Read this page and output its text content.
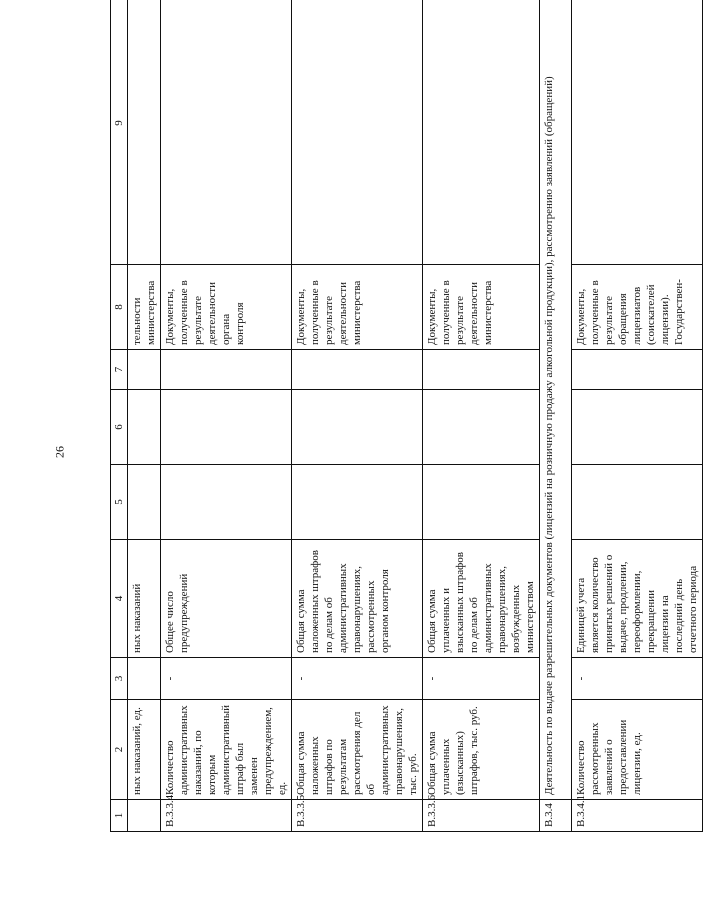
26
1	2	3	4	5	6	7	8	9
	ных наказаний, ед.		ных наказаний				тельности министерства	
В.3.3.4	Количество административных наказаний, по которым административный штраф был заменен предупреждением, ед.	-	Общее число предупреждений				Документы, полученные в результате деятельности органа контроля	
В.3.3.5	Общая сумма наложенных штрафов по результатам рассмотрения дел об административных правонарушениях, тыс. руб.	-	Общая сумма наложенных штрафов по делам об административных правонарушениях, рассмотренных органом контроля				Документы, полученные в результате деятельности министерства	
В.3.3.6	Общая сумма уплаченных (взысканных) штрафов, тыс. руб.	-	Общая сумма уплаченных и взысканных штрафов по делам об административных правонарушениях, возбужденных министерством				Документы, полученные в результате деятельности министерства	
В.3.4	Деятельность по выдаче разрешительных документов (лицензий на розничную продажу алкогольной продукции), рассмотрению заявлений (обращений)							
В.3.4.1	Количество рассмотренных заявлений о предоставлении лицензии, ед.	-	Единицей учета является количество принятых решений о выдаче, продлении, переоформлении, прекращении лицензии на последний день отчетного периода				Документы, полученные в результате обращения лицензиатов (соискателей лицензии). Государствен-	
